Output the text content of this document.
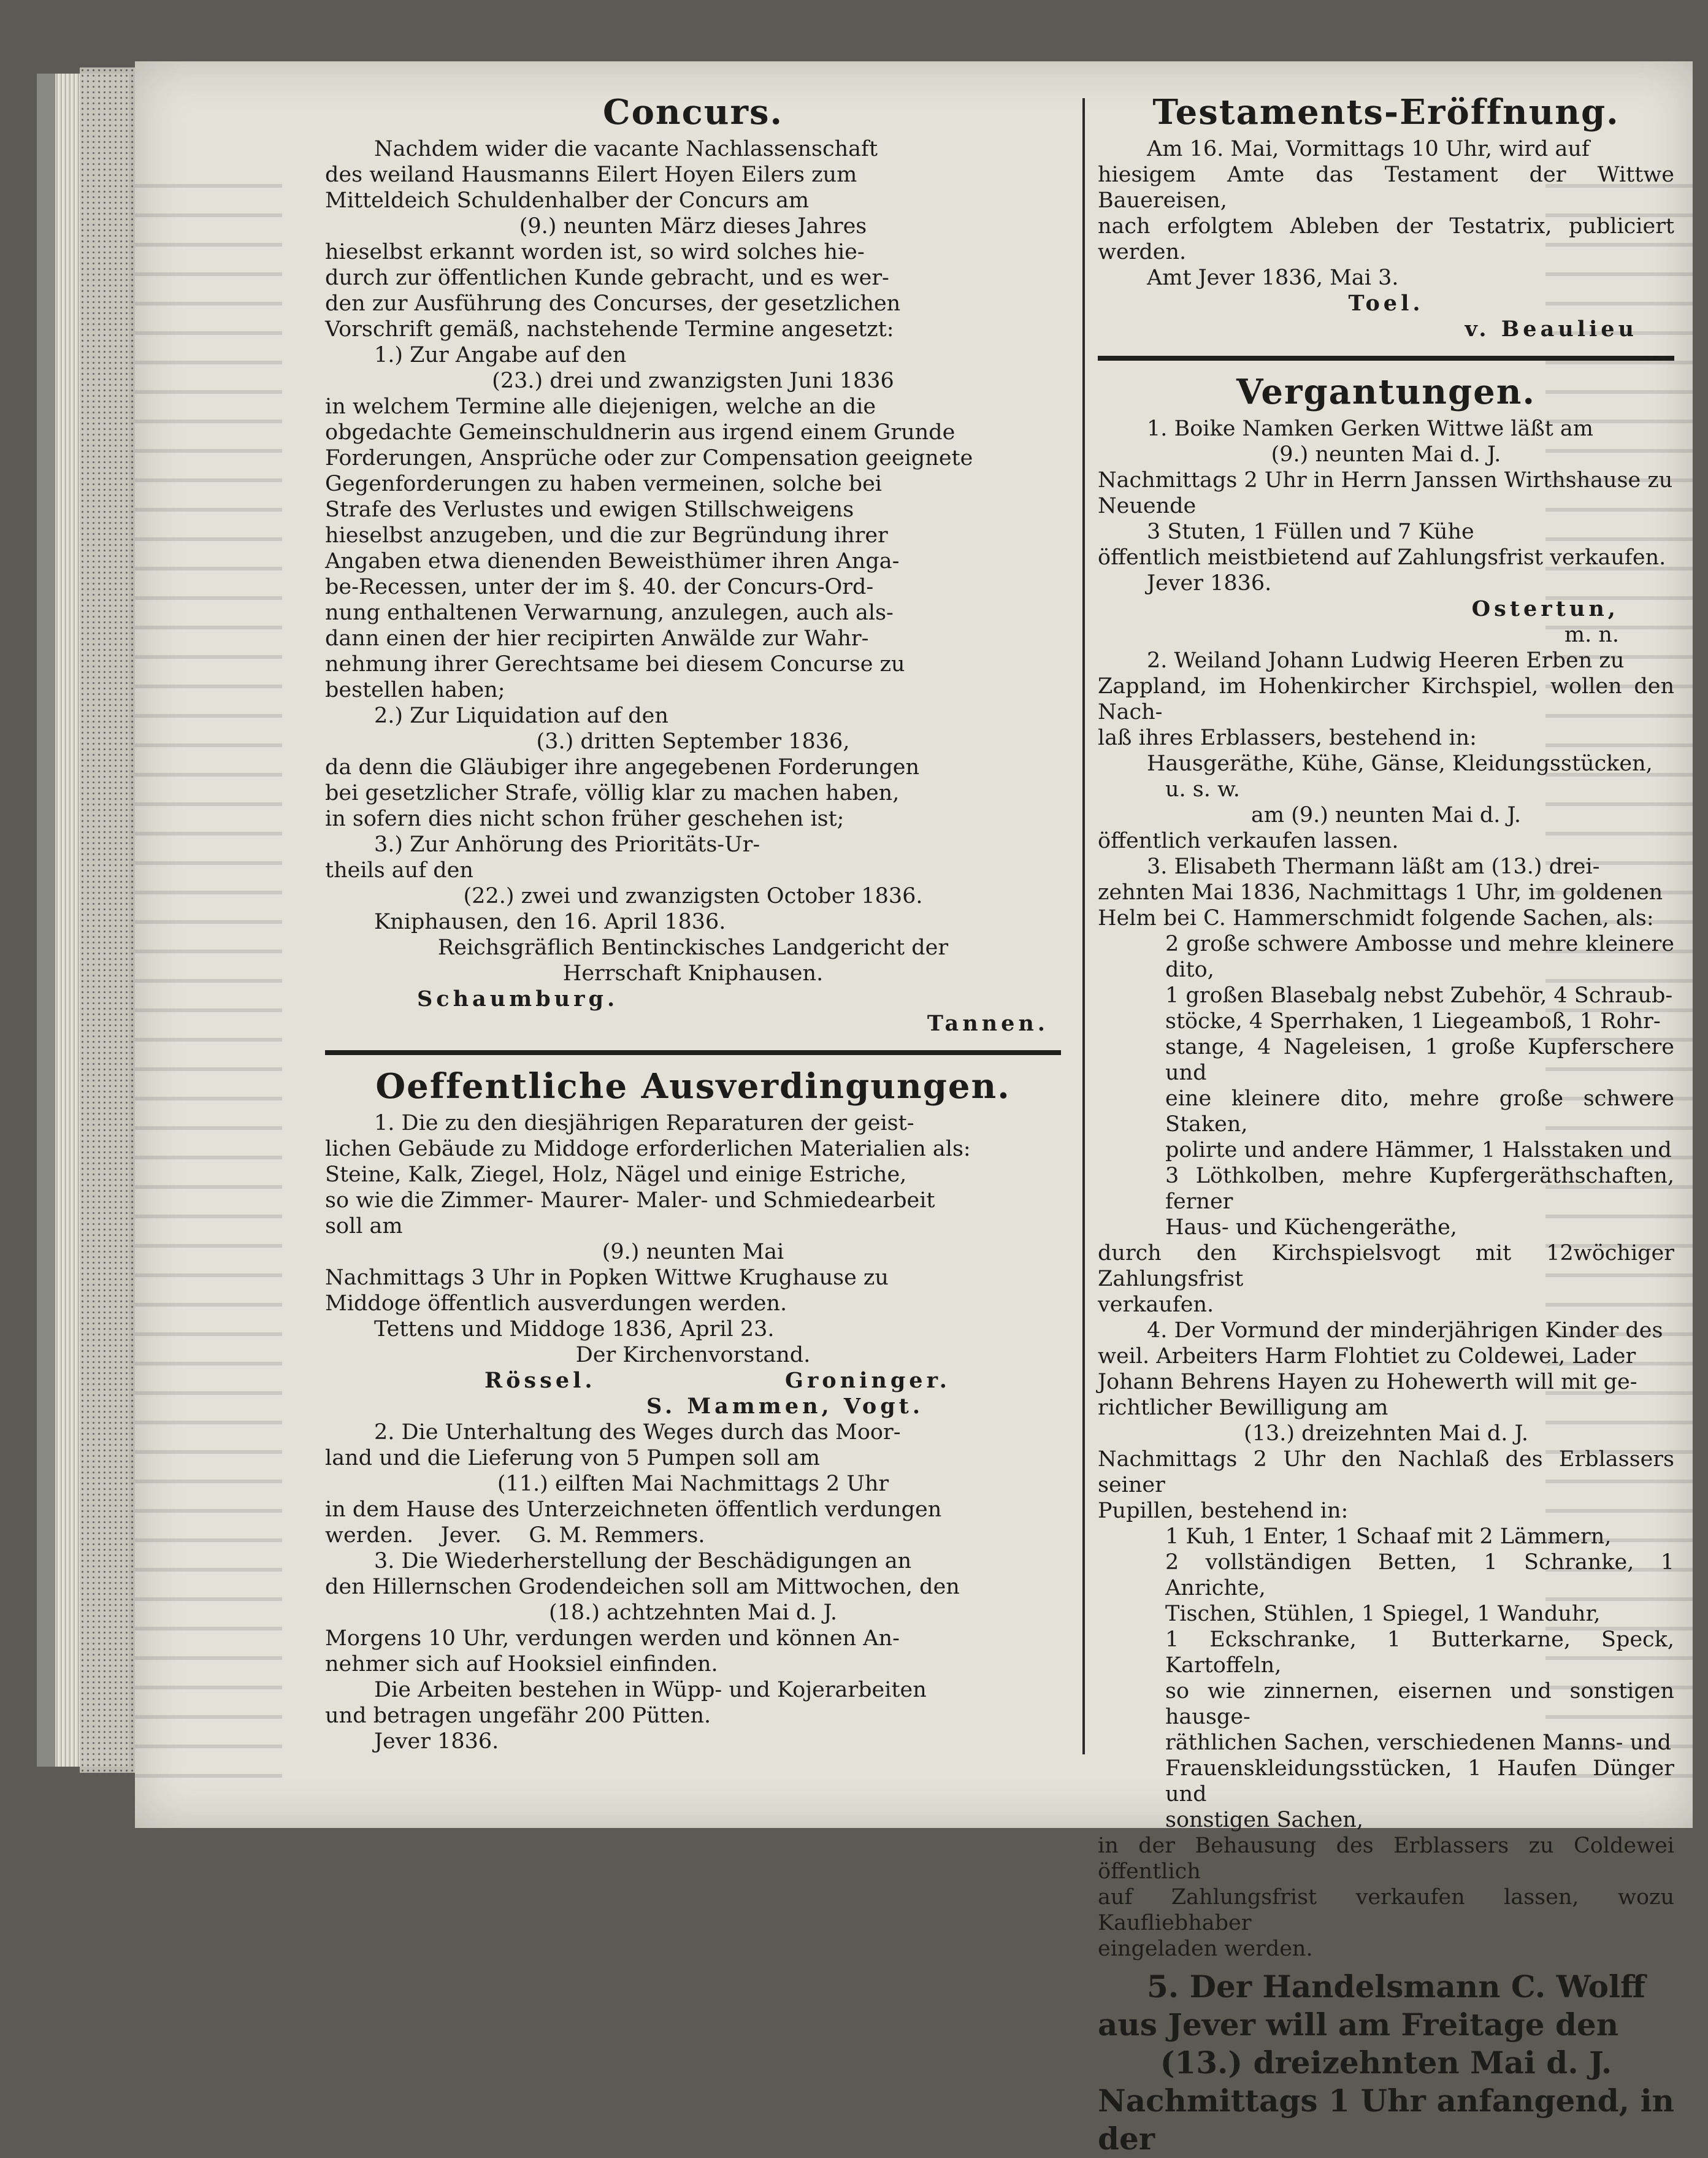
Concurs.

Nachdem wider die vacante Nachlassenschaft

des weiland Hausmanns Eilert Hoyen Eilers zum

Mitteldeich Schuldenhalber der Concurs am

(9.) neunten März dieses Jahres

hieselbst erkannt worden ist, so wird solches hie-

durch zur öffentlichen Kunde gebracht, und es wer-

den zur Ausführung des Concurses, der gesetzlichen

Vorschrift gemäß, nachstehende Termine angesetzt:

1.) Zur Angabe auf den

(23.) drei und zwanzigsten Juni 1836

in welchem Termine alle diejenigen, welche an die

obgedachte Gemeinschuldnerin aus irgend einem Grunde

Forderungen, Ansprüche oder zur Compensation geeignete

Gegenforderungen zu haben vermeinen, solche bei

Strafe des Verlustes und ewigen Stillschweigens

hieselbst anzugeben, und die zur Begründung ihrer

Angaben etwa dienenden Beweisthümer ihren Anga-

be-Recessen, unter der im §. 40. der Concurs-Ord-

nung enthaltenen Verwarnung, anzulegen, auch als-

dann einen der hier recipirten Anwälde zur Wahr-

nehmung ihrer Gerechtsame bei diesem Concurse zu

bestellen haben;

2.) Zur Liquidation auf den

(3.) dritten September 1836,

da denn die Gläubiger ihre angegebenen Forderungen

bei gesetzlicher Strafe, völlig klar zu machen haben,

in sofern dies nicht schon früher geschehen ist;

3.) Zur Anhörung des Prioritäts-Ur-

theils auf den

(22.) zwei und zwanzigsten October 1836.

Kniphausen, den 16. April 1836.

Reichsgräflich Bentinckisches Landgericht der

Herrschaft Kniphausen.

Schaumburg.
Tannen.
Oeffentliche Ausverdingungen.

1. Die zu den diesjährigen Reparaturen der geist-

lichen Gebäude zu Middoge erforderlichen Materialien als:

Steine, Kalk, Ziegel, Holz, Nägel und einige Estriche,

so wie die Zimmer- Maurer- Maler- und Schmiedearbeit

soll am

(9.) neunten Mai

Nachmittags 3 Uhr in Popken Wittwe Krughause zu

Middoge öffentlich ausverdungen werden.

Tettens und Middoge 1836, April 23.

Der Kirchenvorstand.

Rössel.	Groninger.

S. Mammen, Vogt.

2. Die Unterhaltung des Weges durch das Moor-

land und die Lieferung von 5 Pumpen soll am

(11.) eilften Mai Nachmittags 2 Uhr

in dem Hause des Unterzeichneten öffentlich verdungen

werden.    Jever.    G. M. Remmers.

3. Die Wiederherstellung der Beschädigungen an

den Hillernschen Grodendeichen soll am Mittwochen, den

(18.) achtzehnten Mai d. J.

Morgens 10 Uhr, verdungen werden und können An-

nehmer sich auf Hooksiel einfinden.

Die Arbeiten bestehen in Wüpp- und Kojerarbeiten

und betragen ungefähr 200 Pütten.

Jever 1836.

Testaments-Eröffnung.

Am 16. Mai, Vormittags 10 Uhr, wird auf

hiesigem Amte das Testament der Wittwe Bauereisen,

nach erfolgtem Ableben der Testatrix, publiciert werden.

Amt Jever 1836, Mai 3.

Toel.

v. Beaulieu

Vergantungen.

1. Boike Namken Gerken Wittwe läßt am

(9.) neunten Mai d. J.

Nachmittags 2 Uhr in Herrn Janssen Wirthshause zu

Neuende

3 Stuten, 1 Füllen und 7 Kühe

öffentlich meistbietend auf Zahlungsfrist verkaufen.

Jever 1836.

Ostertun,

m. n.

2. Weiland Johann Ludwig Heeren Erben zu

Zappland, im Hohenkircher Kirchspiel, wollen den Nach-

laß ihres Erblassers, bestehend in:

Hausgeräthe, Kühe, Gänse, Kleidungsstücken,

u. s. w.

am (9.) neunten Mai d. J.

öffentlich verkaufen lassen.

3. Elisabeth Thermann läßt am (13.) drei-

zehnten Mai 1836, Nachmittags 1 Uhr, im goldenen

Helm bei C. Hammerschmidt folgende Sachen, als:

2 große schwere Ambosse und mehre kleinere dito,

1 großen Blasebalg nebst Zubehör, 4 Schraub-

stöcke, 4 Sperrhaken, 1 Liegeamboß, 1 Rohr-

stange, 4 Nageleisen, 1 große Kupferschere und

eine kleinere dito, mehre große schwere Staken,

polirte und andere Hämmer, 1 Halsstaken und

3 Löthkolben, mehre Kupfergeräthschaften, ferner

Haus- und Küchengeräthe,

durch den Kirchspielsvogt mit 12wöchiger Zahlungsfrist

verkaufen.

4. Der Vormund der minderjährigen Kinder des

weil. Arbeiters Harm Flohtiet zu Coldewei, Lader

Johann Behrens Hayen zu Hohewerth will mit ge-

richtlicher Bewilligung am

(13.) dreizehnten Mai d. J.

Nachmittags 2 Uhr den Nachlaß des Erblassers seiner

Pupillen, bestehend in:

1 Kuh, 1 Enter, 1 Schaaf mit 2 Lämmern,

2 vollständigen Betten, 1 Schranke, 1 Anrichte,

Tischen, Stühlen, 1 Spiegel, 1 Wanduhr,

1 Eckschranke, 1 Butterkarne, Speck, Kartoffeln,

so wie zinnernen, eisernen und sonstigen hausge-

räthlichen Sachen, verschiedenen Manns- und

Frauenskleidungsstücken, 1 Haufen Dünger und

sonstigen Sachen,

in der Behausung des Erblassers zu Coldewei öffentlich

auf Zahlungsfrist verkaufen lassen, wozu Kaufliebhaber

eingeladen werden.

5. Der Handelsmann C. Wolff

aus Jever will am Freitage den

(13.) dreizehnten Mai d. J.

Nachmittags 1 Uhr anfangend, in der
